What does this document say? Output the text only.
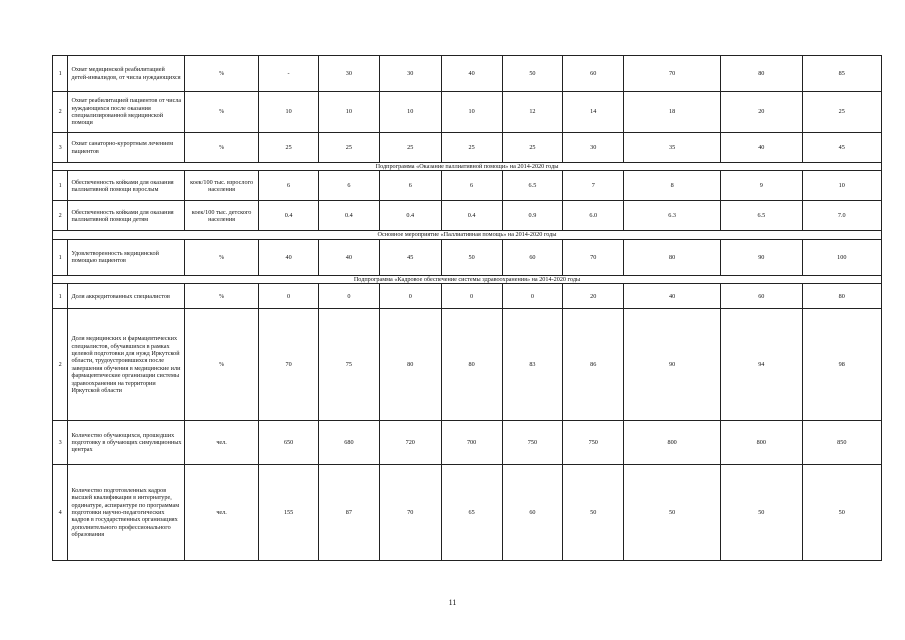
1	Охват медицинской реабилитацией детей-инвалидов, от числа нуждающихся	%	-	30	30	40	50	60	70	80	85
2	Охват реабилитацией пациентов от числа нуждающихся после оказания специализированной медицинской помощи	%	10	10	10	10	12	14	18	20	25
3	Охват санаторно-курортным лечением пациентов	%	25	25	25	25	25	30	35	40	45
Подпрограмма «Оказание паллиативной помощи» на 2014-2020 годы											
1	Обеспеченность койками для оказания паллиативной помощи взрослым	коек/100 тыс. взрослого населения	6	6	6	6	6.5	7	8	9	10
2	Обеспеченность койками для оказания паллиативной помощи детям	коек/100 тыс. детского населения	0.4	0.4	0.4	0.4	0.9	6.0	6.3	6.5	7.0
Основное мероприятие «Паллиативная помощь» на 2014-2020 годы											
1	Удовлетворенность медицинской помощью пациентов	%	40	40	45	50	60	70	80	90	100
Подпрограмма «Кадровое обеспечение системы здравоохранения» на 2014-2020 годы											
1	Доля аккредитованных специалистов	%	0	0	0	0	0	20	40	60	80
2	Доля медицинских и фармацевтических специалистов, обучавшихся в рамках целевой подготовки для нужд Иркутской области, трудоустроившихся после завершения обучения в медицинские или фармацевтические организации системы здравоохранения на территории Иркутской области	%	70	75	80	80	83	86	90	94	98
3	Количество обучающихся, прошедших подготовку в обучающих симуляционных центрах	чел.	650	680	720	700	750	750	800	800	850
4	Количество подготовленных кадров высшей квалификации в интернатуре, ординатуре, аспирантуре по программам подготовки научно-педагогических кадров в государственных организациях дополнительного профессионального образования	чел.	155	87	70	65	60	50	50	50	50
11
